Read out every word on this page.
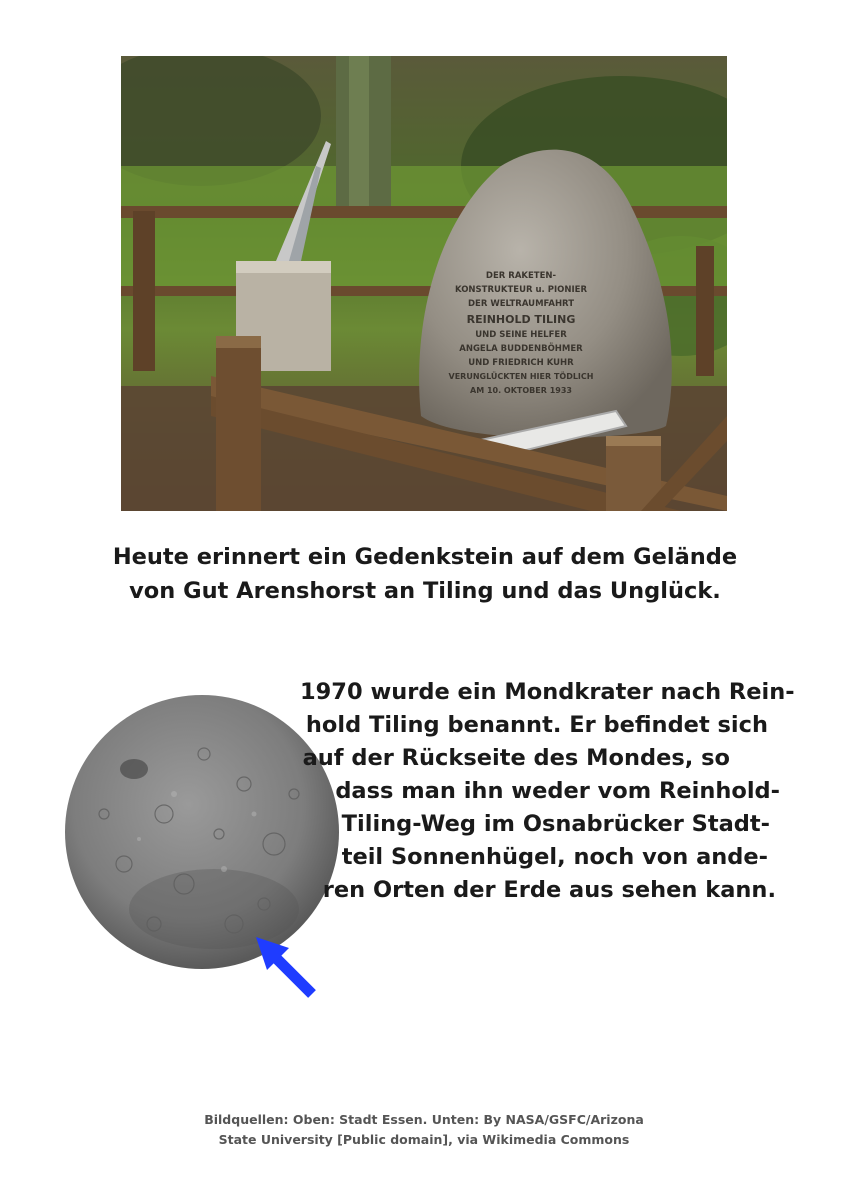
DER RAKETEN-
KONSTRUKTEUR u. PIONIER
DER WELTRAUMFAHRT
REINHOLD TILING
UND SEINE HELFER
ANGELA BUDDENBÖHMER
UND FRIEDRICH KUHR
VERUNGLÜCKTEN HIER TÖDLICH
AM 10. OKTOBER 1933
Heute erinnert ein Gedenkstein auf dem Gelände
von Gut Arenshorst an Tiling und das Unglück.
1970 wurde ein Mondkrater nach Rein-
hold Tiling benannt. Er befindet sich
auf der Rückseite des Mondes, so
dass man ihn weder vom Reinhold-
Tiling-Weg im Osnabrücker Stadt-
teil Sonnenhügel, noch von ande-
ren Orten der Erde aus sehen kann.
Bildquellen: Oben: Stadt Essen. Unten: By NASA/GSFC/Arizona
State University [Public domain], via Wikimedia Commons
